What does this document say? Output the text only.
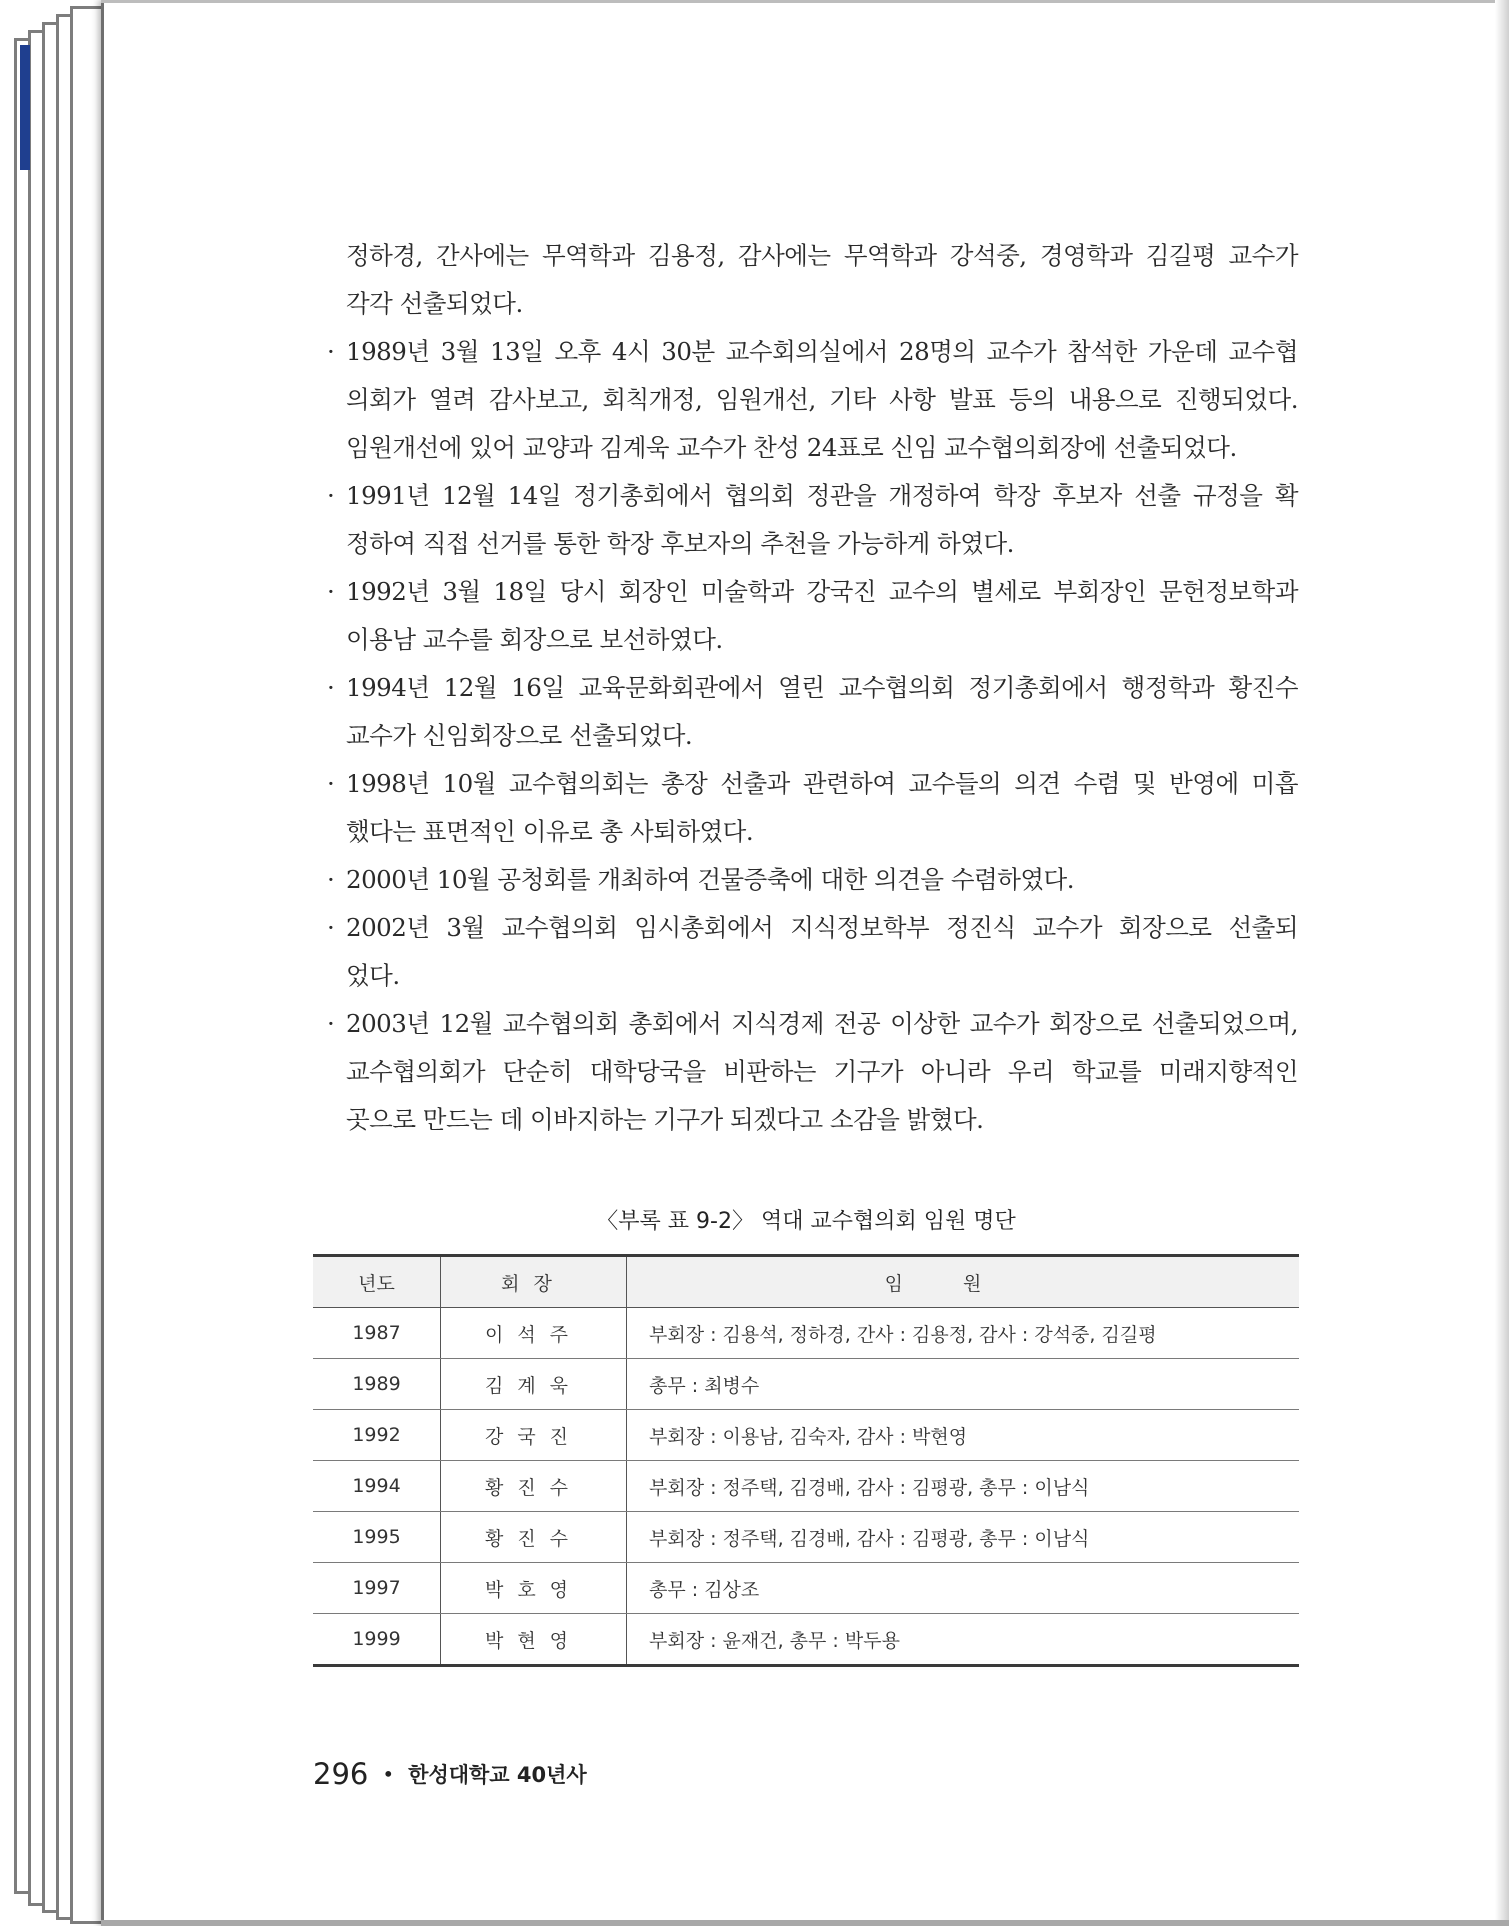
정하경, 간사에는 무역학과 김용정, 감사에는 무역학과 강석중, 경영학과 김길평 교수가
각각 선출되었다.
· 1989년 3월 13일 오후 4시 30분 교수회의실에서 28명의 교수가 참석한 가운데 교수협
의회가 열려 감사보고, 회칙개정, 임원개선, 기타 사항 발표 등의 내용으로 진행되었다.
임원개선에 있어 교양과 김계욱 교수가 찬성 24표로 신임 교수협의회장에 선출되었다.
· 1991년 12월 14일 정기총회에서 협의회 정관을 개정하여 학장 후보자 선출 규정을 확
정하여 직접 선거를 통한 학장 후보자의 추천을 가능하게 하였다.
· 1992년 3월 18일 당시 회장인 미술학과 강국진 교수의 별세로 부회장인 문헌정보학과
이용남 교수를 회장으로 보선하였다.
· 1994년 12월 16일 교육문화회관에서 열린 교수협의회 정기총회에서 행정학과 황진수
교수가 신임회장으로 선출되었다.
· 1998년 10월 교수협의회는 총장 선출과 관련하여 교수들의 의견 수렴 및 반영에 미흡
했다는 표면적인 이유로 총 사퇴하였다.
· 2000년 10월 공청회를 개최하여 건물증축에 대한 의견을 수렴하였다.
· 2002년 3월 교수협의회 임시총회에서 지식정보학부 정진식 교수가 회장으로 선출되
었다.
· 2003년 12월 교수협의회 총회에서 지식경제 전공 이상한 교수가 회장으로 선출되었으며,
교수협의회가 단순히 대학당국을 비판하는 기구가 아니라 우리 학교를 미래지향적인
곳으로 만드는 데 이바지하는 기구가 되겠다고 소감을 밝혔다.
〈부록 표 9-2〉 역대 교수협의회 임원 명단
년도	회장	임원
1987	이석주	부회장 : 김용석, 정하경, 간사 : 김용정, 감사 : 강석중, 김길평
1989	김계욱	총무 : 최병수
1992	강국진	부회장 : 이용남, 김숙자, 감사 : 박현영
1994	황진수	부회장 : 정주택, 김경배, 감사 : 김평광, 총무 : 이남식
1995	황진수	부회장 : 정주택, 김경배, 감사 : 김평광, 총무 : 이남식
1997	박호영	총무 : 김상조
1999	박현영	부회장 : 윤재건, 총무 : 박두용
296 • 한성대학교 40년사
